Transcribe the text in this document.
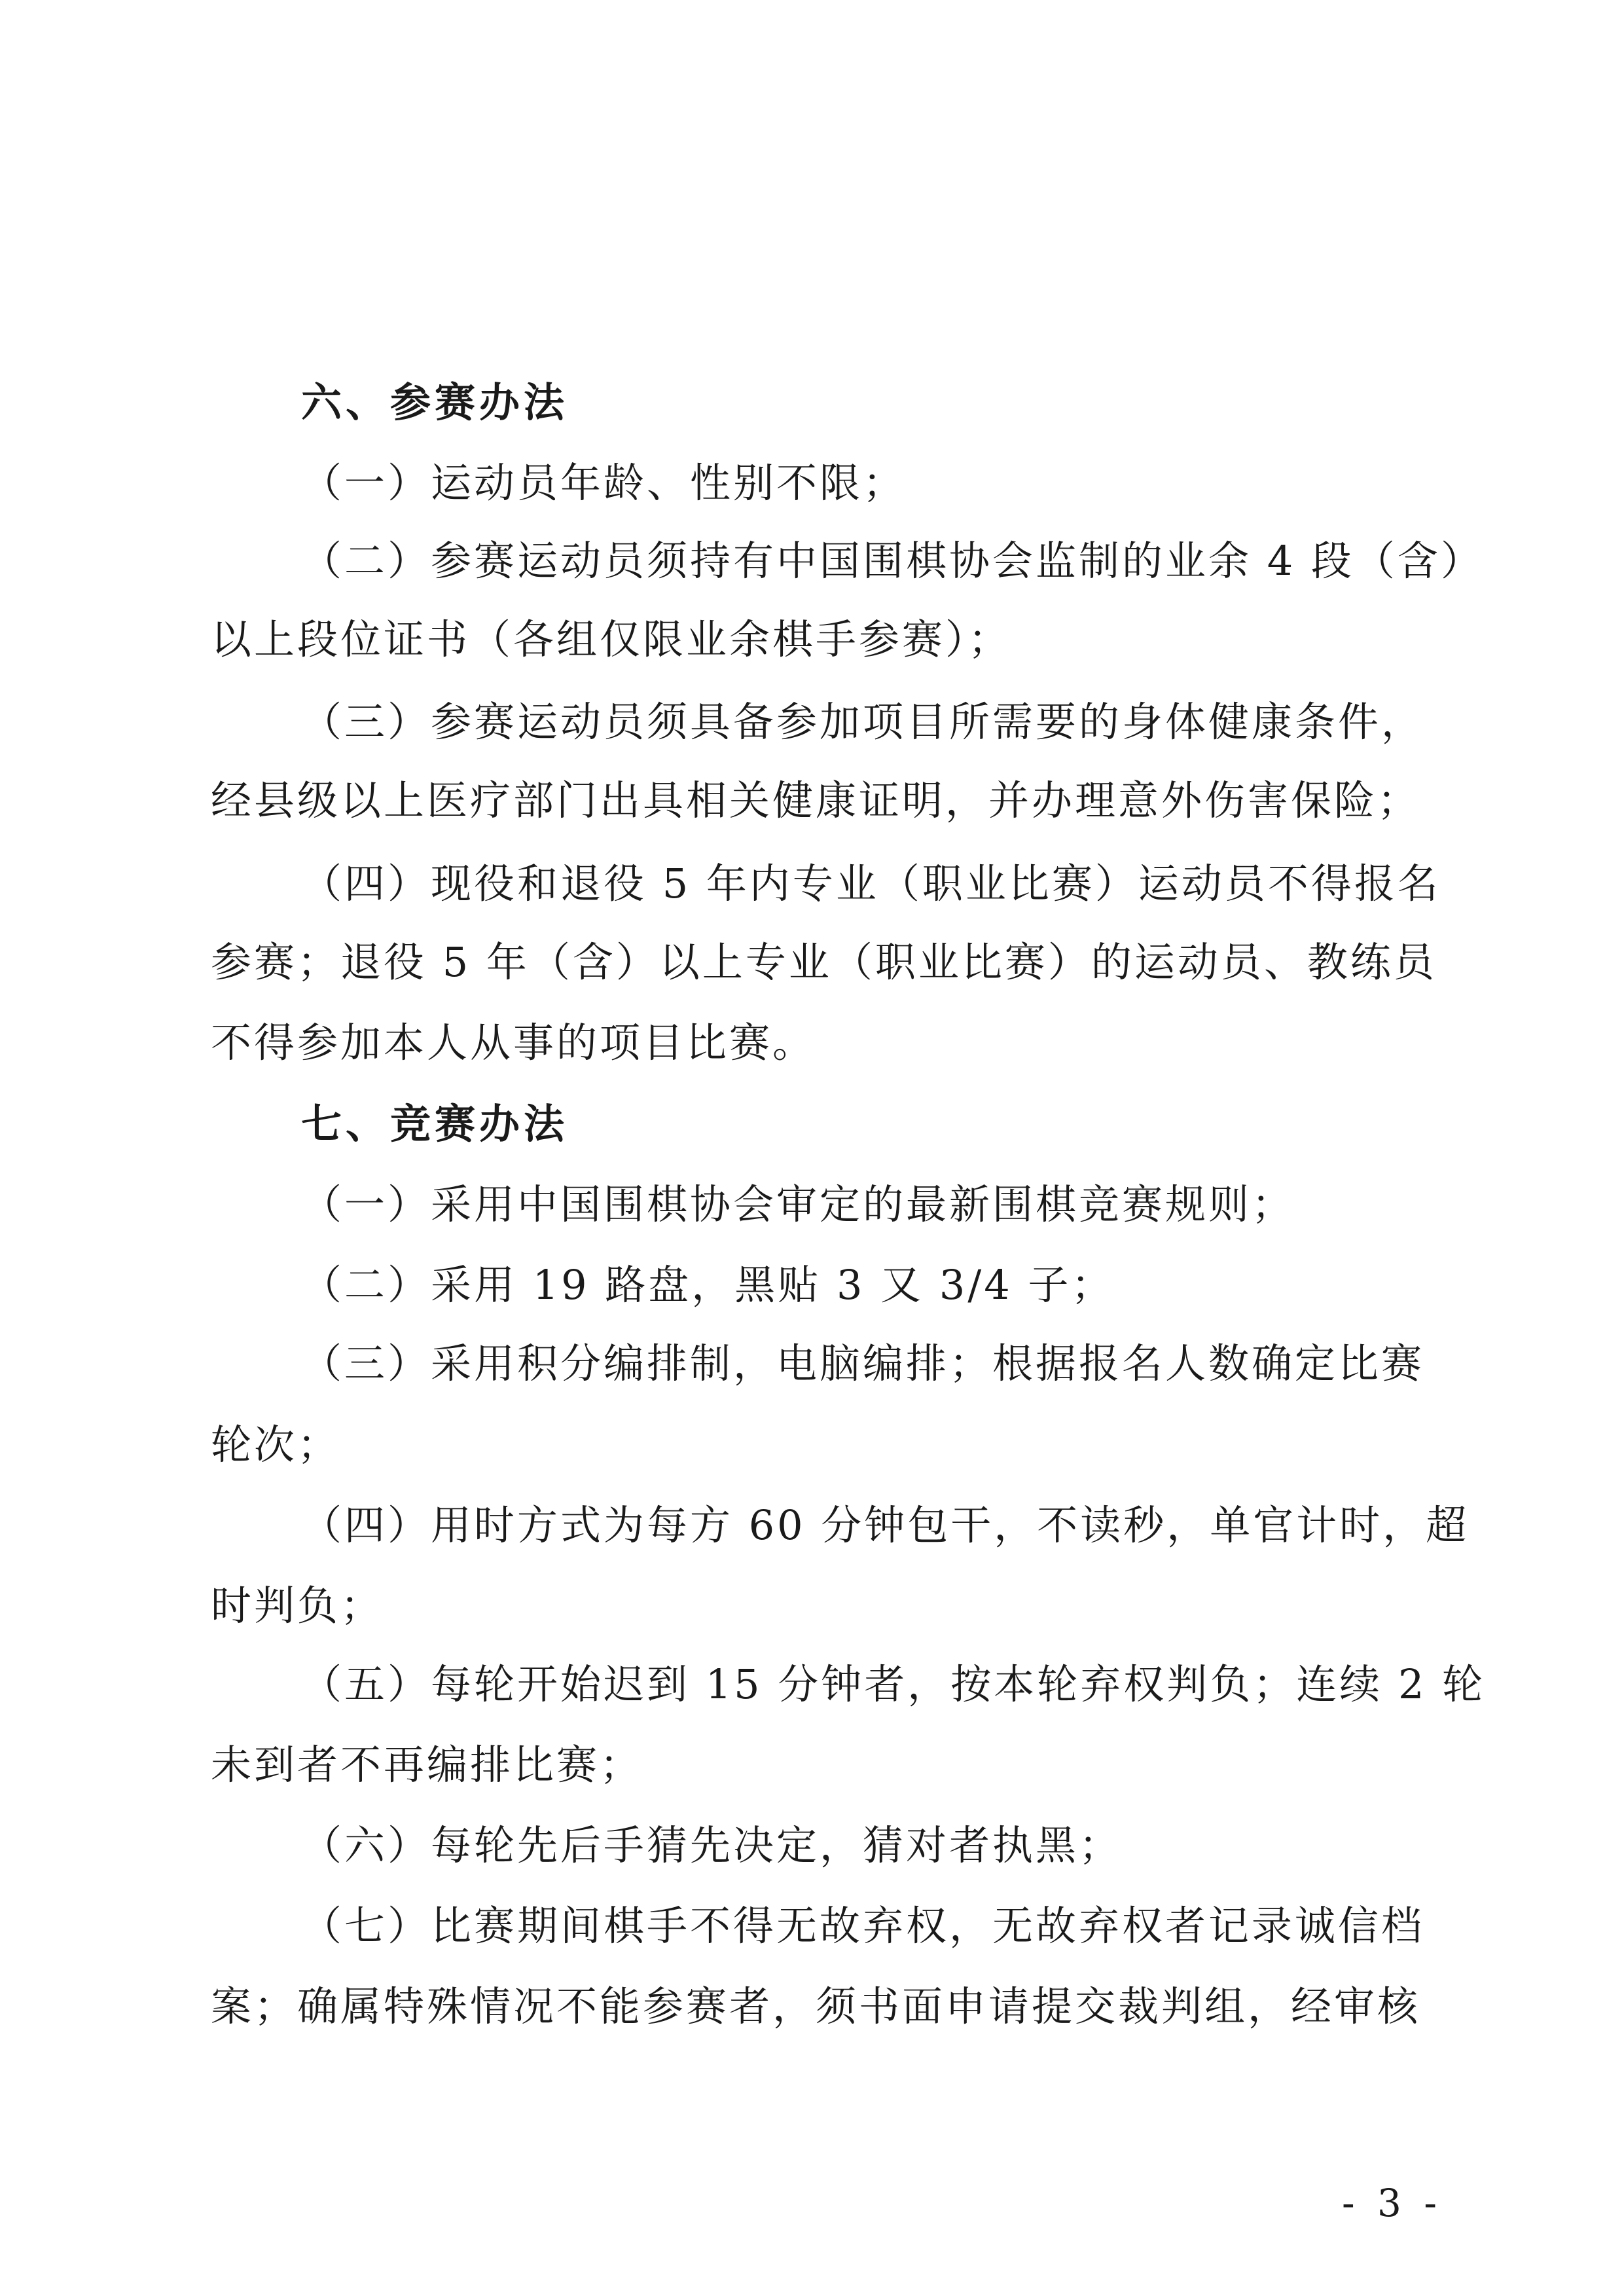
六、参赛办法
（一）运动员年龄、性别不限；
（二）参赛运动员须持有中国围棋协会监制的业余 4 段（含）
以上段位证书（各组仅限业余棋手参赛）；
（三）参赛运动员须具备参加项目所需要的身体健康条件，
经县级以上医疗部门出具相关健康证明，并办理意外伤害保险；
（四）现役和退役 5 年内专业（职业比赛）运动员不得报名
参赛；退役 5 年（含）以上专业（职业比赛）的运动员、教练员
不得参加本人从事的项目比赛。
七、竞赛办法
（一）采用中国围棋协会审定的最新围棋竞赛规则；
（二）采用 19 路盘，黑贴 3 又 3/4 子；
（三）采用积分编排制，电脑编排；根据报名人数确定比赛
轮次；
（四）用时方式为每方 60 分钟包干，不读秒，单官计时，超
时判负；
（五）每轮开始迟到 15 分钟者，按本轮弃权判负；连续 2 轮
未到者不再编排比赛；
（六）每轮先后手猜先决定，猜对者执黑；
（七）比赛期间棋手不得无故弃权，无故弃权者记录诚信档
案；确属特殊情况不能参赛者，须书面申请提交裁判组，经审核
- 3 -
